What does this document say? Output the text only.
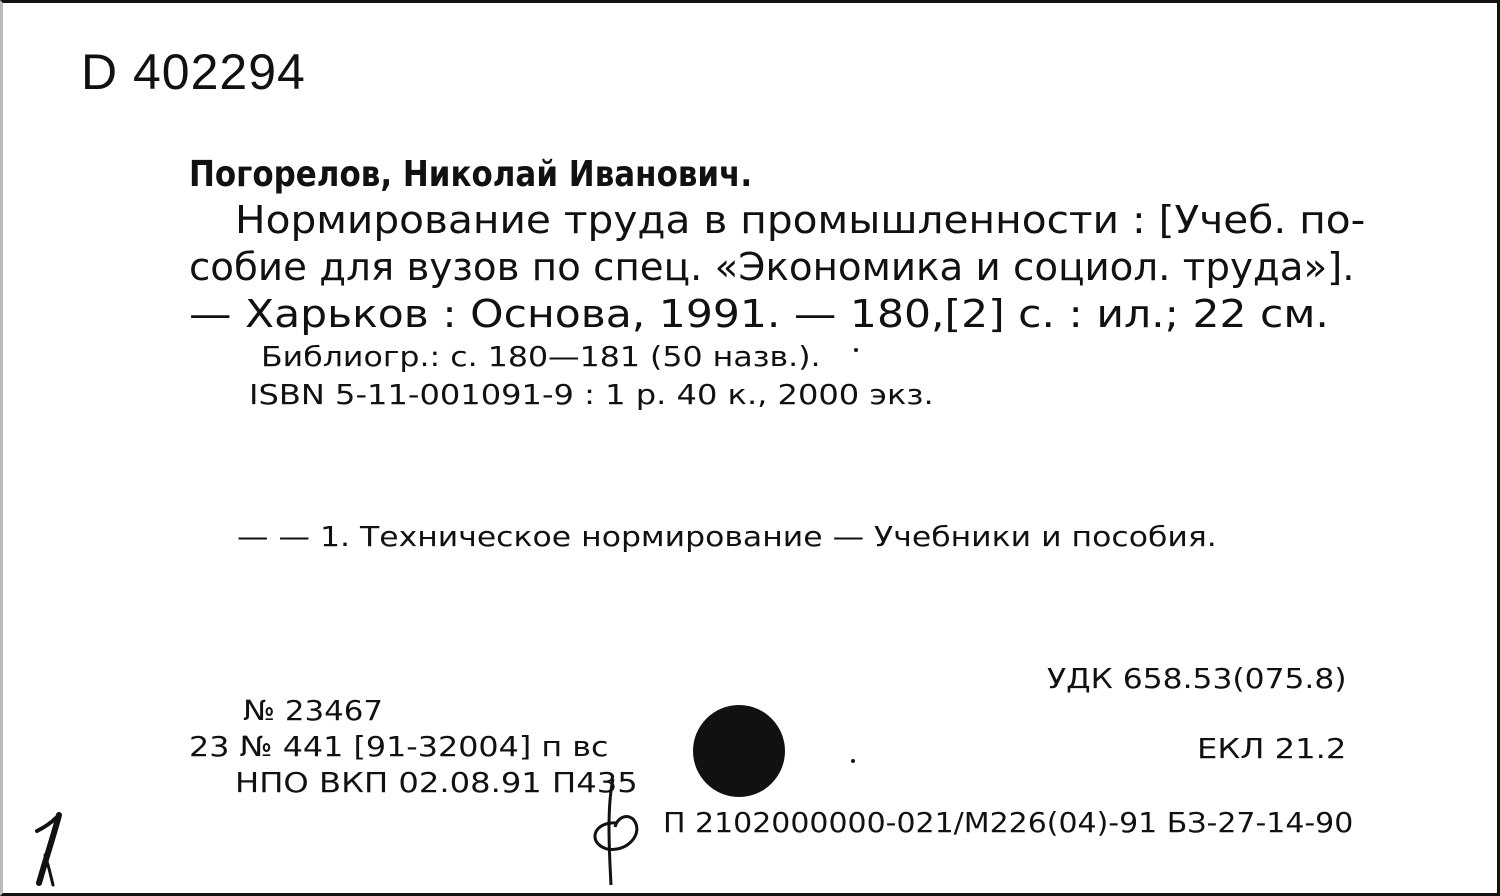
D 402294
Погорелов, Николай Иванович.
Нормирование труда в промышленности : [Учеб. по-
собие для вузов по спец. «Экономика и социол. труда»].
— Харьков : Основа, 1991. — 180,[2] с. : ил.; 22 см.
Библиогр.: с. 180—181 (50 назв.).
ISBN 5-11-001091-9 : 1 р. 40 к., 2000 экз.
— — 1. Техническое нормирование — Учебники и пособия.
УДК 658.53(075.8)
№ 23467
23 № 441 [91-32004] п вс	ЕКЛ 21.2
НПО ВКП 02.08.91 П435
П 2102000000-021/М226(04)-91 БЗ-27-14-90
